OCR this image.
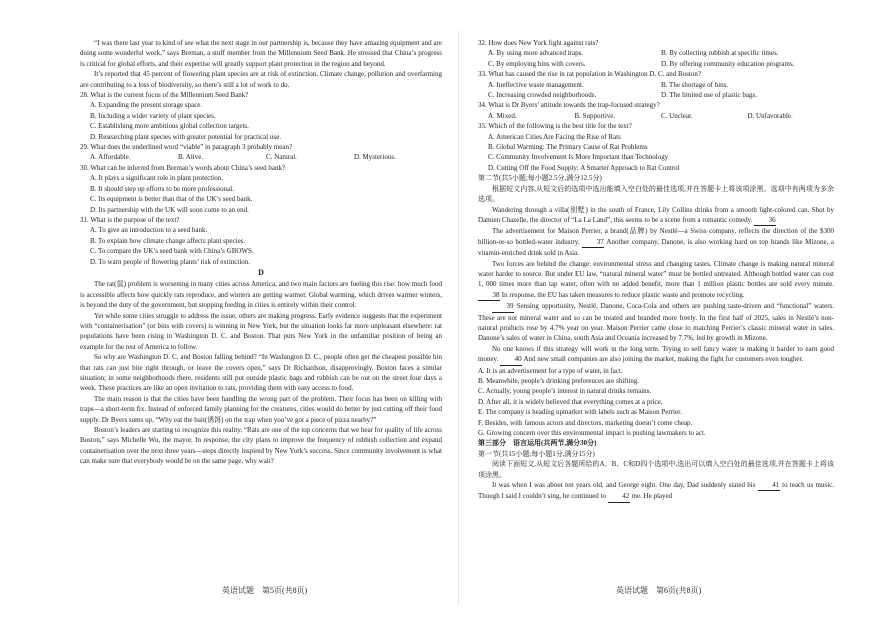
“I was there last year to kind of see what the next stage in our partnership is, because they have amazing equipment and are doing some wonderful work,” says Breman, a stuff member from the Millennium Seed Bank. He stressed that China’s progress is critical for global efforts, and their expertise will greatly support plant protection in the region and beyond.
It’s reported that 45 percent of flowering plant species are at risk of extinction. Climate change, pollution and overfarming are contributing to a loss of biodiversity, so there’s still a lot of work to do.
28. What is the current focus of the Millennium Seed Bank?
A. Expanding the present storage space.
B. Including a wider variety of plant species.
C. Establishing more ambitious global collection targets.
D. Researching plant species with greater potential for practical use.
29. What does the underlined word “viable” in paragraph 3 probably mean?
A. Affordable.	B. Alive.	C. Natural.	D. Mysterious.
30. What can be inferred from Breman’s words about China’s seed bank?
A. It plays a significant role in plant protection.
B. It should step up efforts to be more professional.
C. Its equipment is better than that of the UK’s seed bank.
D. Its partnership with the UK will soon come to an end.
31. What is the purpose of the text?
A. To give an introduction to a seed bank.
B. To explain how climate change affects plant species.
C. To compare the UK’s seed bank with China’s GBOWS.
D. To warn people of flowering plants’ risk of extinction.
D
The rat(鼠) problem is worsening in many cities across America, and two main factors are fueling this rise: how much food is accessible affects how quickly rats reproduce, and winters are getting warmer. Global warming, which drives warmer winters, is beyond the duty of the government, but stopping feeding in cities is entirely within their control.
Yet while some cities struggle to address the issue, others are making progress. Early evidence suggests that the experiment with “containerisation” (or bins with covers) is winning in New York, but the situation looks far more unpleasant elsewhere: rat populations have been rising in Washington D. C. and Boston. That puts New York in the unfamiliar position of being an example for the rest of America to follow.
So why are Washington D. C. and Boston falling behind? “In Washington D. C., people often get the cheapest possible bin that rats can just bite right through, or leave the covers open,” says Dr Richardson, disapprovingly. Boston faces a similar situation; in some neighborhoods there, residents still put outside plastic bags and rubbish can be out on the street four days a week. These practices are like an open invitation to rats, providing them with easy access to food.
The main reason is that the cities have been handling the wrong part of the problem. Their focus has been on killing with traps—a short-term fix. Instead of enforced family planning for the creatures, cities would do better by just cutting off their food supply. Dr Byers sums up, “Why eat the bait(诱饵) on the trap when you’ve got a piece of pizza nearby?”
Boston’s leaders are starting to recognize this reality. “Rats are one of the top concerns that we hear for quality of life across Boston,” says Michelle Wu, the mayor. In response, the city plans to improve the frequency of rubbish collection and expand containerisation over the next three years—steps directly inspired by New York’s success. Since community involvement is what can make sure that everybody would be on the same page, why wait?
32. How does New York fight against rats?
A. By using more advanced traps.	B. By collecting rubbish at specific times.
C. By employing bins with covers.	D. By offering community education programs.
33. What has caused the rise in rat population in Washington D. C. and Boston?
A. Ineffective waste management.	B. The shortage of bins.
C. Increasing crowded neighborhoods.	D. The limited use of plastic bags.
34. What is Dr Byers’ attitude towards the trap-focused strategy?
A. Mixed.	B. Supportive.	C. Unclear.	D. Unfavorable.
35. Which of the following is the best title for the text?
A. American Cities Are Facing the Rise of Rats
B. Global Warming: The Primary Cause of Rat Problems
C. Community Involvement Is More Important than Technology
D. Cutting Off the Food Supply: A Smarter Approach to Rat Control
第二节(共5小题;每小题2.5分,满分12.5分)
根据短文内容,从短文后的选项中选出能填入空白处的最佳选项,并在答题卡上将该项涂黑。选项中有两项为多余选项。
Wandering through a villa(别墅) in the south of France, Lily Collins drinks from a smooth light-colored can. Shot by Damien Chazelle, the director of “La La Land”, this seems to be a scene from a romantic comedy. 36
The advertisement for Maison Perrier, a brand(品牌) by Nestlé—a Swiss company, reflects the direction of the $300 billion-or-so bottled-water industry. 37 Another company, Danone, is also working hard on top brands like Mizone, a vitamin-enriched drink sold in Asia.
Two forces are behind the change: environmental stress and changing tastes. Climate change is making natural mineral water harder to source. But under EU law, “natural mineral water” must be bottled untreated. Although bottled water can cost 1, 000 times more than tap water, often with no added benefit, more than 1 million plastic bottles are sold every minute. 38 In response, the EU has taken measures to reduce plastic waste and promote recycling.
39 Sensing opportunity, Nestlé, Danone, Coca-Cola and others are pushing taste-driven and “functional” waters. These are not mineral water and so can be treated and branded more freely. In the first half of 2025, sales in Nestlé’s non-natural products rose by 4.7% year on year. Maison Perrier came close to matching Perrier’s classic mineral water in sales. Danone’s sales of water in China, south Asia and Oceania increased by 7.7%, led by growth in Mizone.
No one knows if this strategy will work in the long term. Trying to sell fancy water is making it harder to earn good money. 40 And new small companies are also joining the market, making the fight for customers even tougher.
A. It is an advertisement for a type of water, in fact.
B. Meanwhile, people’s drinking preferences are shifting.
C. Actually, young people’s interest in natural drinks remains.
D. After all, it is widely believed that everything comes at a price.
E. The company is heading upmarket with labels such as Maison Perrier.
F. Besides, with famous actors and directors, marketing doesn’t come cheap.
G. Growing concern over this environmental impact is pushing lawmakers to act.
第三部分　语言运用(共两节,满分30分)
第一节(共15小题;每小题1分,满分15分)
阅读下面短文,从短文后各题所给的A、B、C和D四个选项中,选出可以填入空白处的最佳选项,并在答题卡上将该项涂黑。
It was when I was about ten years old, and George eight. One day, Dad suddenly stated his 41 to teach us music. Though I said I couldn’t sing, he continued to 42 me. He played
英语试题　第5页(共8页)	英语试题　第6页(共8页)
